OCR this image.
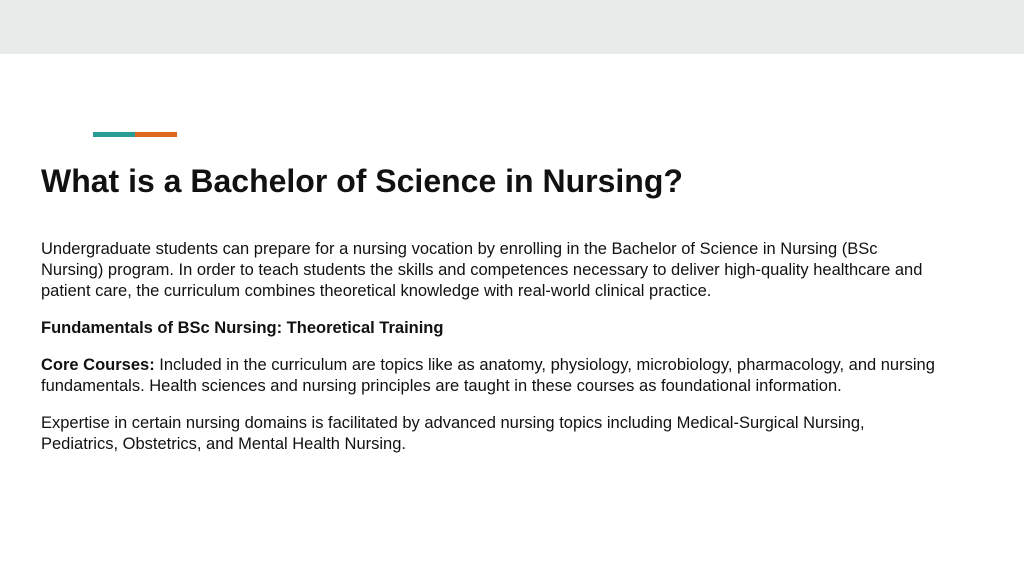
What is a Bachelor of Science in Nursing?

Undergraduate students can prepare for a nursing vocation by enrolling in the Bachelor of Science in Nursing (BSc Nursing) program. In order to teach students the skills and competences necessary to deliver high-quality healthcare and patient care, the curriculum combines theoretical knowledge with real-world clinical practice.

Fundamentals of BSc Nursing: Theoretical Training

Core Courses: Included in the curriculum are topics like as anatomy, physiology, microbiology, pharmacology, and nursing fundamentals. Health sciences and nursing principles are taught in these courses as foundational information.

Expertise in certain nursing domains is facilitated by advanced nursing topics including Medical-Surgical Nursing, Pediatrics, Obstetrics, and Mental Health Nursing.
